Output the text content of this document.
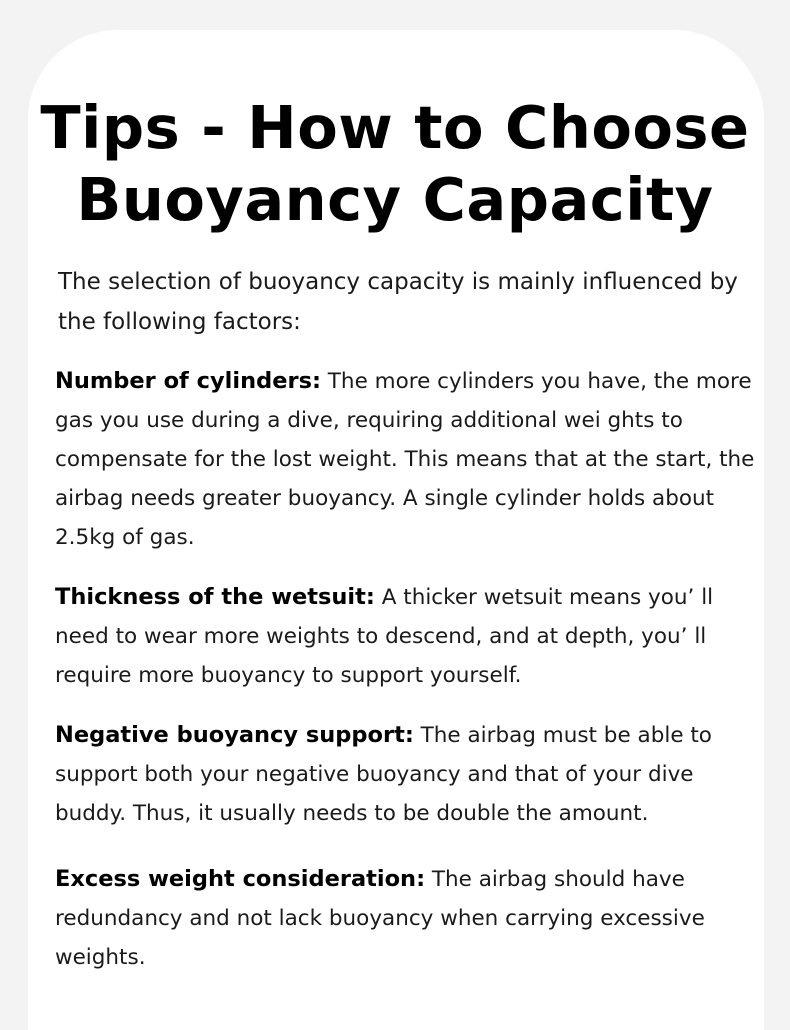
Tips - How to Choose
Buoyancy Capacity

The selection of buoyancy capacity is mainly influenced by the following factors:

Number of cylinders: The more cylinders you have, the more gas you use during a dive, requiring additional wei ghts to compensate for the lost weight. This means that at the start, the airbag needs greater buoyancy. A single cylinder holds about 2.5kg of gas.

Thickness of the wetsuit: A thicker wetsuit means you’ ll need to wear more weights to descend, and at depth, you’ ll require more buoyancy to support yourself.

Negative buoyancy support: The airbag must be able to support both your negative buoyancy and that of your dive buddy. Thus, it usually needs to be double the amount.

Excess weight consideration: The airbag should have redundancy and not lack buoyancy when carrying excessive weights.
